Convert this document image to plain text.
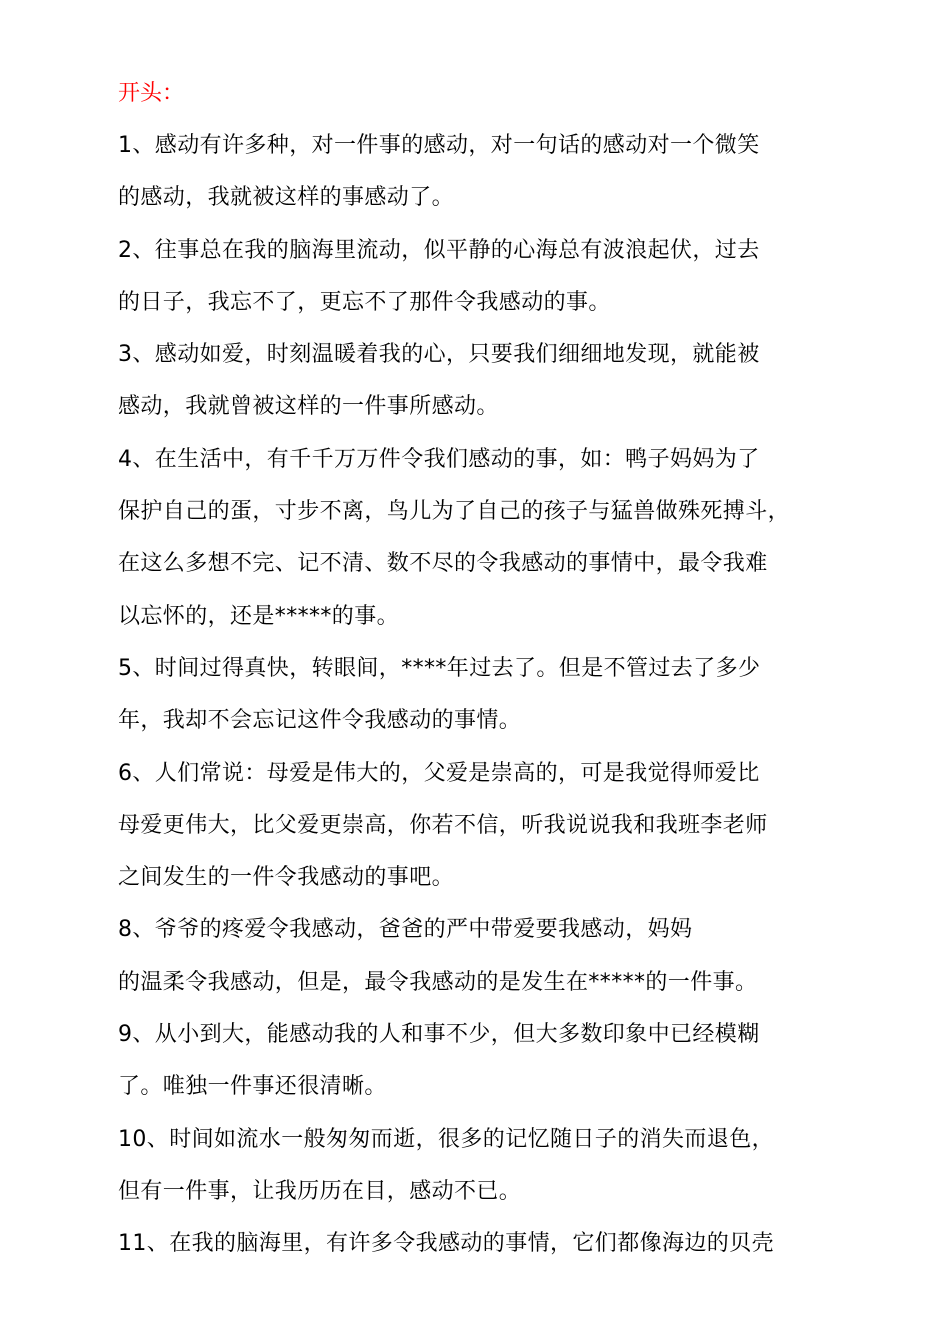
开头：
1、感动有许多种，对一件事的感动，对一句话的感动对一个微笑
的感动，我就被这样的事感动了。
2、往事总在我的脑海里流动，似平静的心海总有波浪起伏，过去
的日子，我忘不了，更忘不了那件令我感动的事。
3、感动如爱，时刻温暖着我的心，只要我们细细地发现，就能被
感动，我就曾被这样的一件事所感动。
4、在生活中，有千千万万件令我们感动的事，如：鸭子妈妈为了
保护自己的蛋，寸步不离，鸟儿为了自己的孩子与猛兽做殊死搏斗，
在这么多想不完、记不清、数不尽的令我感动的事情中，最令我难
以忘怀的，还是*****的事。
5、时间过得真快，转眼间，****年过去了。但是不管过去了多少
年，我却不会忘记这件令我感动的事情。
6、人们常说：母爱是伟大的，父爱是崇高的，可是我觉得师爱比
母爱更伟大，比父爱更崇高，你若不信，听我说说我和我班李老师
之间发生的一件令我感动的事吧。
8、爷爷的疼爱令我感动，爸爸的严中带爱要我感动，妈妈
的温柔令我感动，但是，最令我感动的是发生在*****的一件事。
9、从小到大，能感动我的人和事不少，但大多数印象中已经模糊
了。唯独一件事还很清晰。
10、时间如流水一般匆匆而逝，很多的记忆随日子的消失而退色，
但有一件事，让我历历在目，感动不已。
11、在我的脑海里，有许多令我感动的事情，它们都像海边的贝壳
